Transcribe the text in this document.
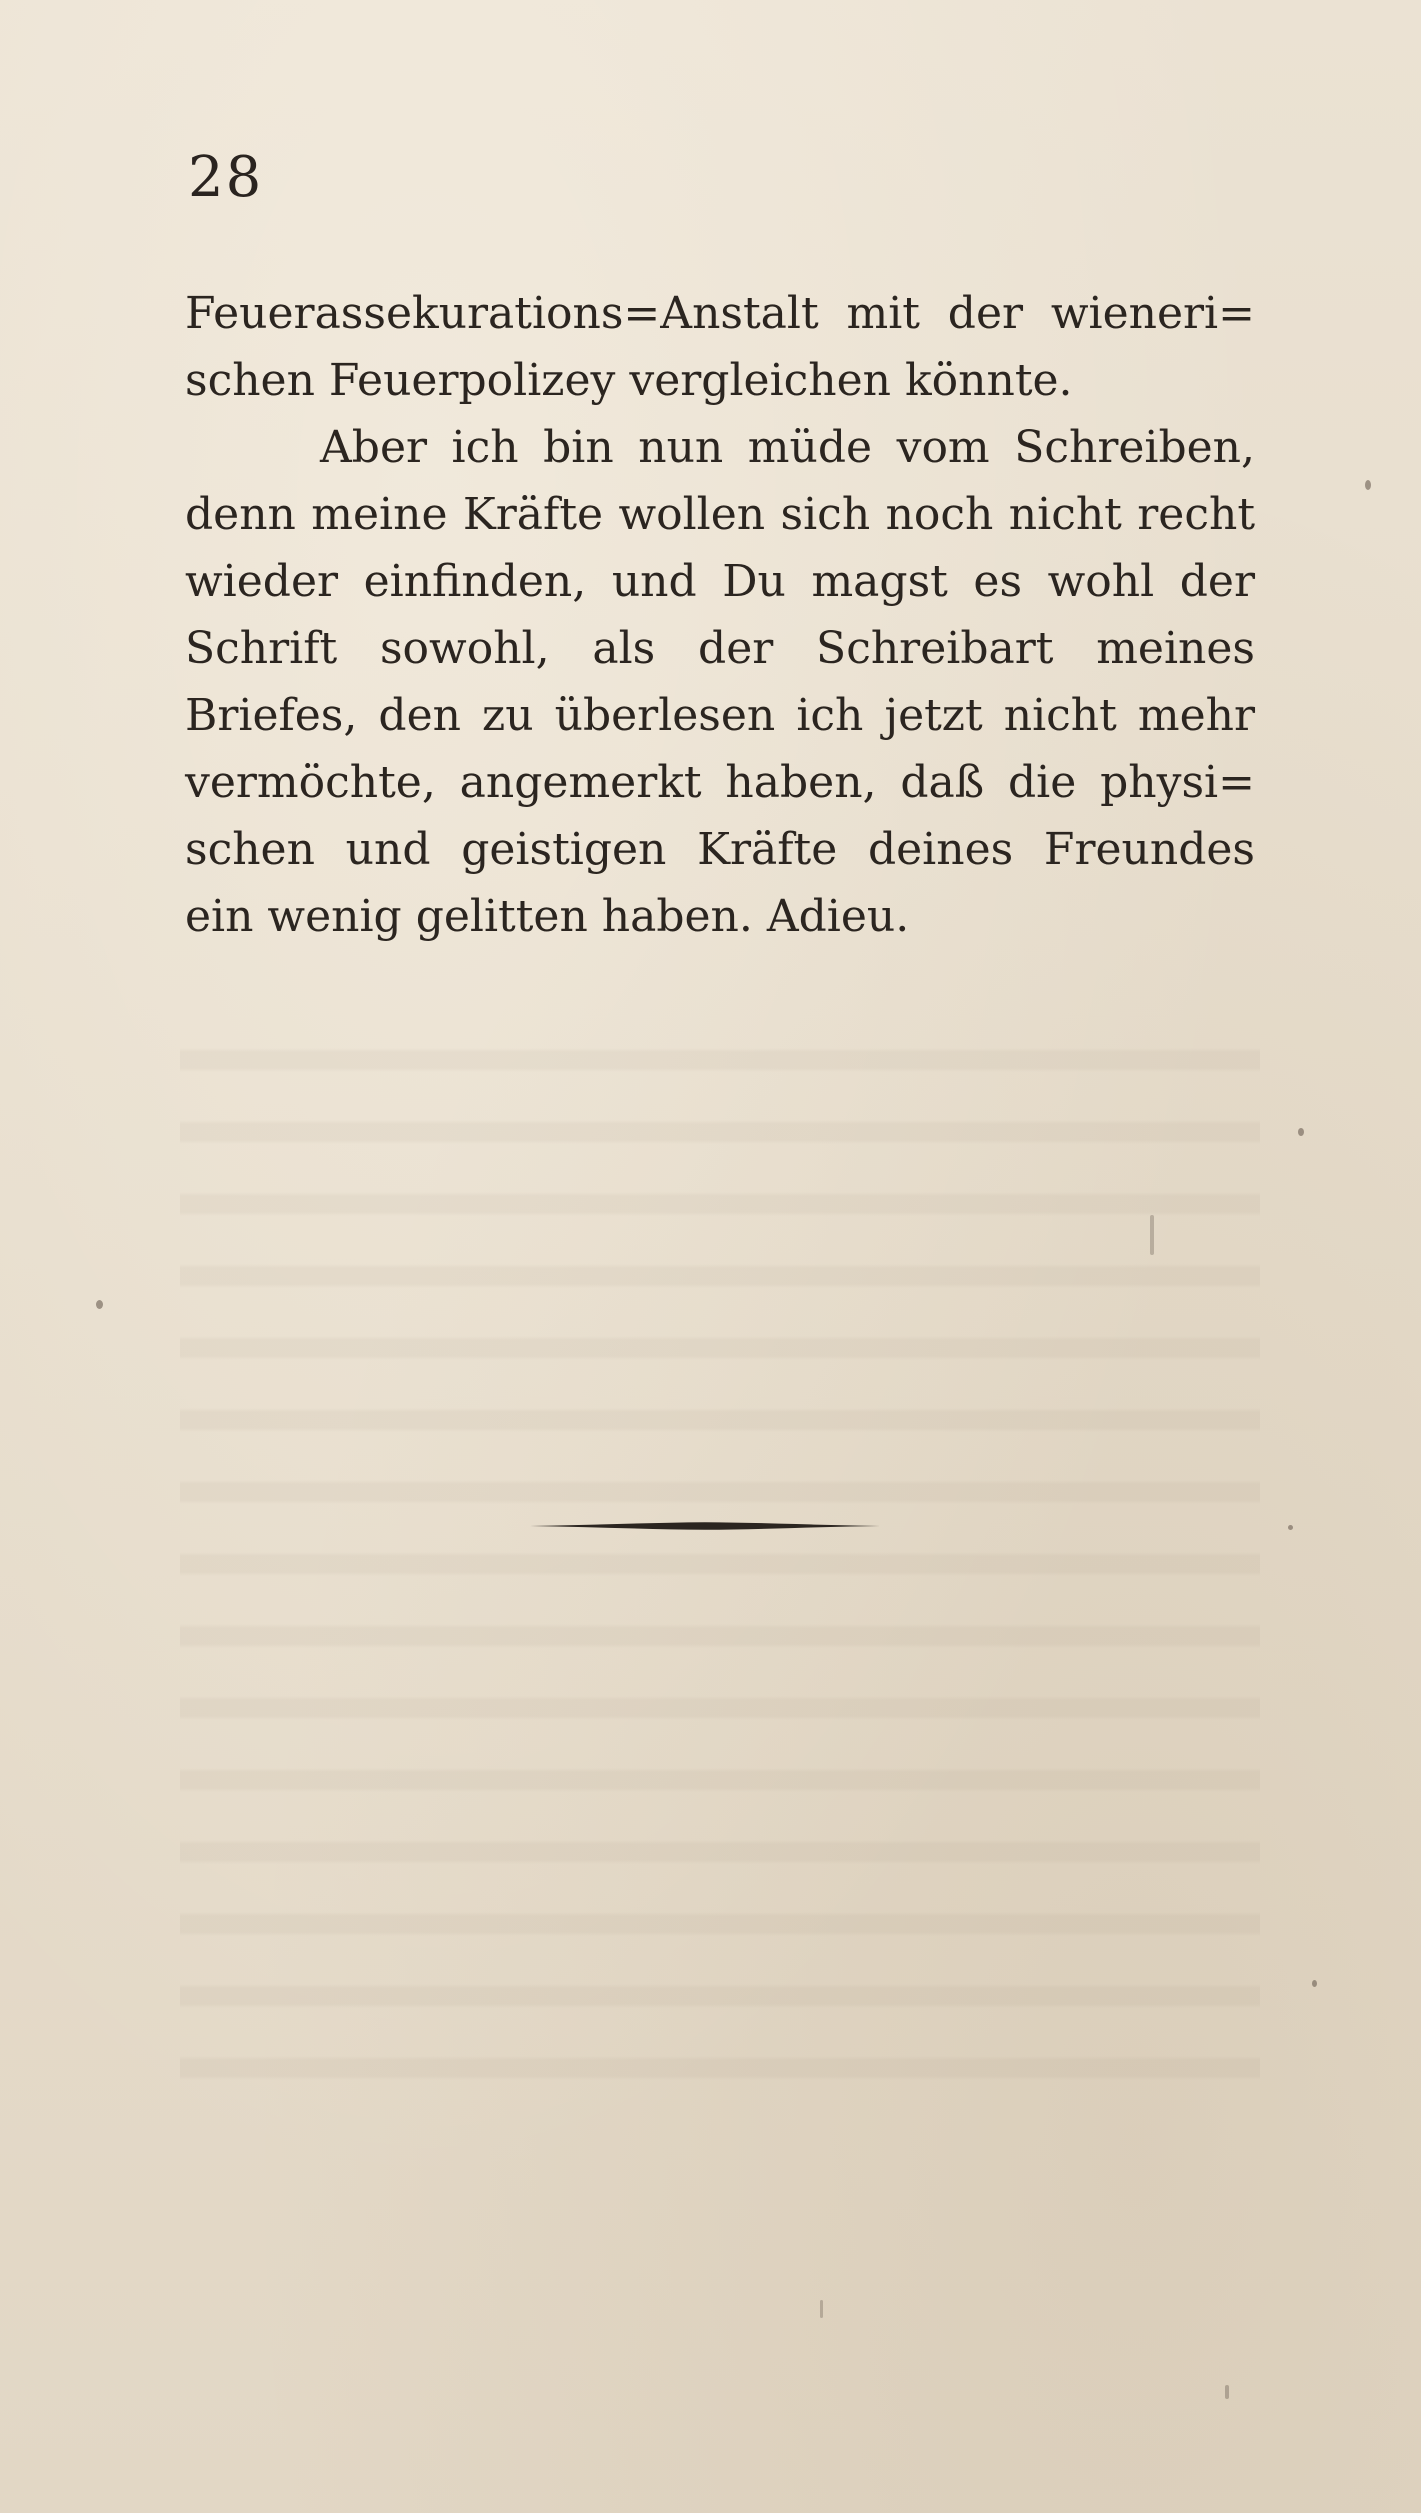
28
Feuerassekurations=Anstalt mit der wieneri=
schen Feuerpolizey vergleichen könnte.
Aber ich bin nun müde vom Schreiben,
denn meine Kräfte wollen sich noch nicht recht
wieder einfinden, und Du magst es wohl der
Schrift sowohl, als der Schreibart meines
Briefes, den zu überlesen ich jetzt nicht mehr
vermöchte, angemerkt haben, daß die physi=
schen und geistigen Kräfte deines Freundes
ein wenig gelitten haben. Adieu.
